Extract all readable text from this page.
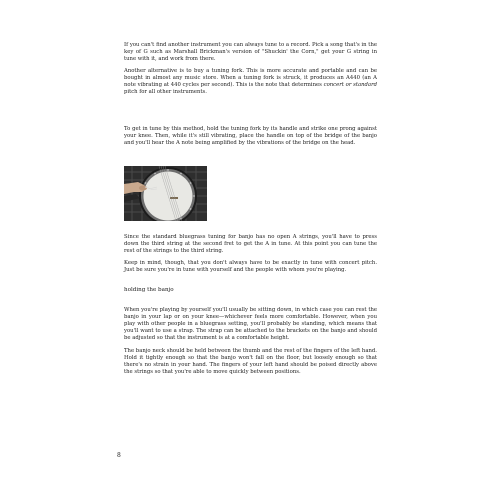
If you can't find another instrument you can always tune to a record. Pick a song that's in the key of G such as Marshall Brickman's version of "Shuckin' the Corn," get your G string in tune with it, and work from there.

Another alternative is to buy a tuning fork. This is more accurate and portable and can be bought in almost any music store. When a tuning fork is struck, it produces an A440 (an A note vibrating at 440 cycles per second). This is the note that determines concert or standard pitch for all other instruments.

To get in tune by this method, hold the tuning fork by its handle and strike one prong against your knee. Then, while it's still vibrating, place the handle on top of the bridge of the banjo and you'll hear the A note being amplified by the vibrations of the bridge on the head.

Since the standard bluegrass tuning for banjo has no open A strings, you'll have to press down the third string at the second fret to get the A in tune. At this point you can tune the rest of the strings to the third string.

Keep in mind, though, that you don't always have to be exactly in tune with concert pitch. Just be sure you're in tune with yourself and the people with whom you're playing.

holding the banjo

When you're playing by yourself you'll usually be sitting down, in which case you can rest the banjo in your lap or on your knee—whichever feels more comfortable. However, when you play with other people in a bluegrass setting, you'll probably be standing, which means that you'll want to use a strap. The strap can be attached to the brackets on the banjo and should be adjusted so that the instrument is at a comfortable height.

The banjo neck should be held between the thumb and the rest of the fingers of the left hand. Hold it tightly enough so that the banjo won't fall on the floor, but loosely enough so that there's no strain in your hand. The fingers of your left hand should be poised directly above the strings so that you're able to move quickly between positions.

8
